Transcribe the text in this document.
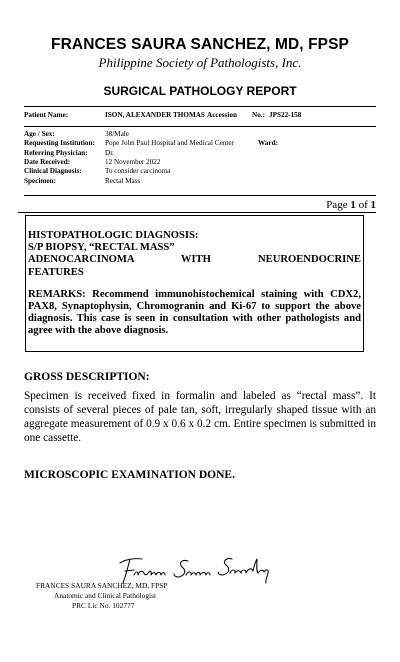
FRANCES SAURA SANCHEZ, MD, FPSP
Philippine Society of Pathologists, Inc.
SURGICAL PATHOLOGY REPORT
Patient Name:	ISON, ALEXANDER THOMAS Accession No.: JPS22-158
Age / Sex:	38/Male
Requesting Institution: Pope John Paul Hospital and Medical Center	Ward:
Referring Physician: Dr.
Date Received:	12 November 2022
Clinical Diagnosis:	To consider carcinoma
Specimen:	Rectal Mass
Page 1 of 1

HISTOPATHOLOGIC DIAGNOSIS:

S/P BIOPSY, “RECTAL MASS”

ADENOCARCINOMA WITH NEUROENDOCRINE

FEATURES

REMARKS: Recommend immunohistochemical staining with CDX2, PAX8, Synaptophysin, Chromogranin and Ki-67 to support the above diagnosis. This case is seen in consultation with other pathologists and agree with the above diagnosis.

GROSS DESCRIPTION:

Specimen is received fixed in formalin and labeled as “rectal mass”. It consists of several pieces of pale tan, soft, irregularly shaped tissue with an aggregate measurement of 0.9 x 0.6 x 0.2 cm. Entire specimen is submitted in one cassette.

MICROSCOPIC EXAMINATION DONE.
FRANCES SAURA SANCHEZ, MD, FPSP
Anatomic and Clinical Pathologist
PRC Lic No. 102777
